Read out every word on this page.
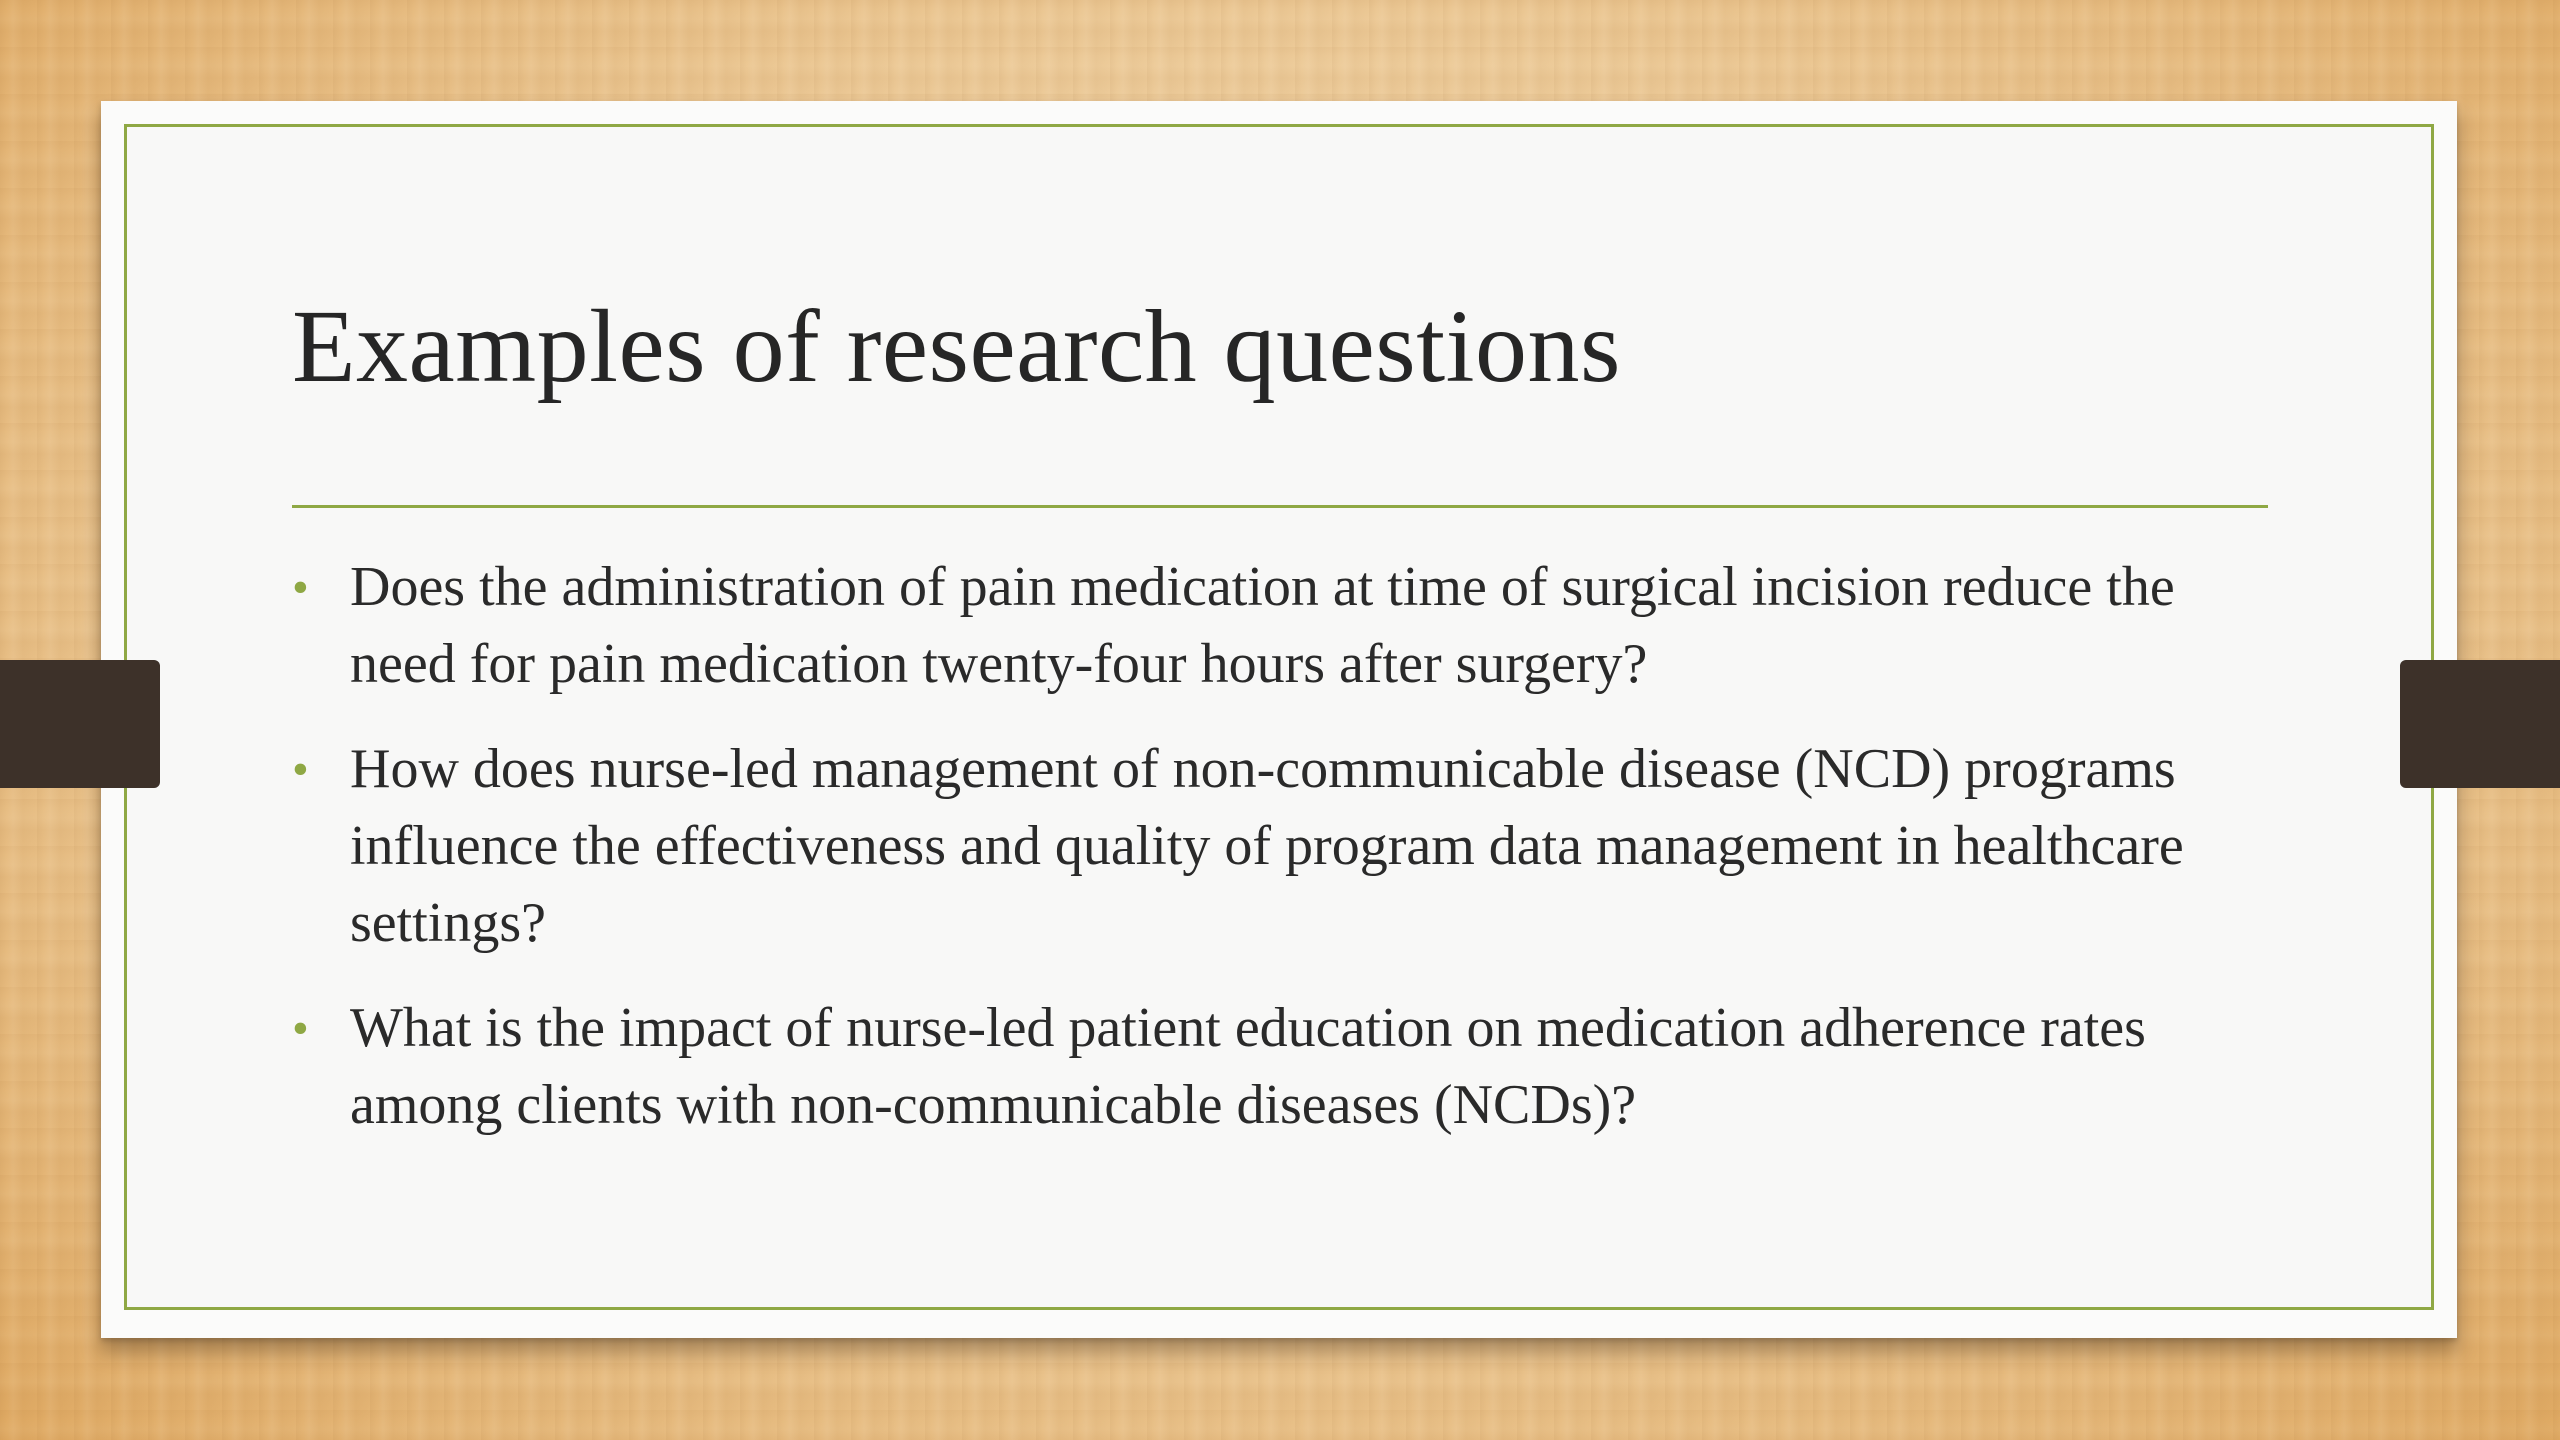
Examples of research questions
• Does the administration of pain medication at time of surgical incision reduce the need for pain medication twenty-four hours after surgery?
• How does nurse-led management of non-communicable disease (NCD) programs influence the effectiveness and quality of program data management in healthcare settings?
• What is the impact of nurse-led patient education on medication adherence rates among clients with non-communicable diseases (NCDs)?
